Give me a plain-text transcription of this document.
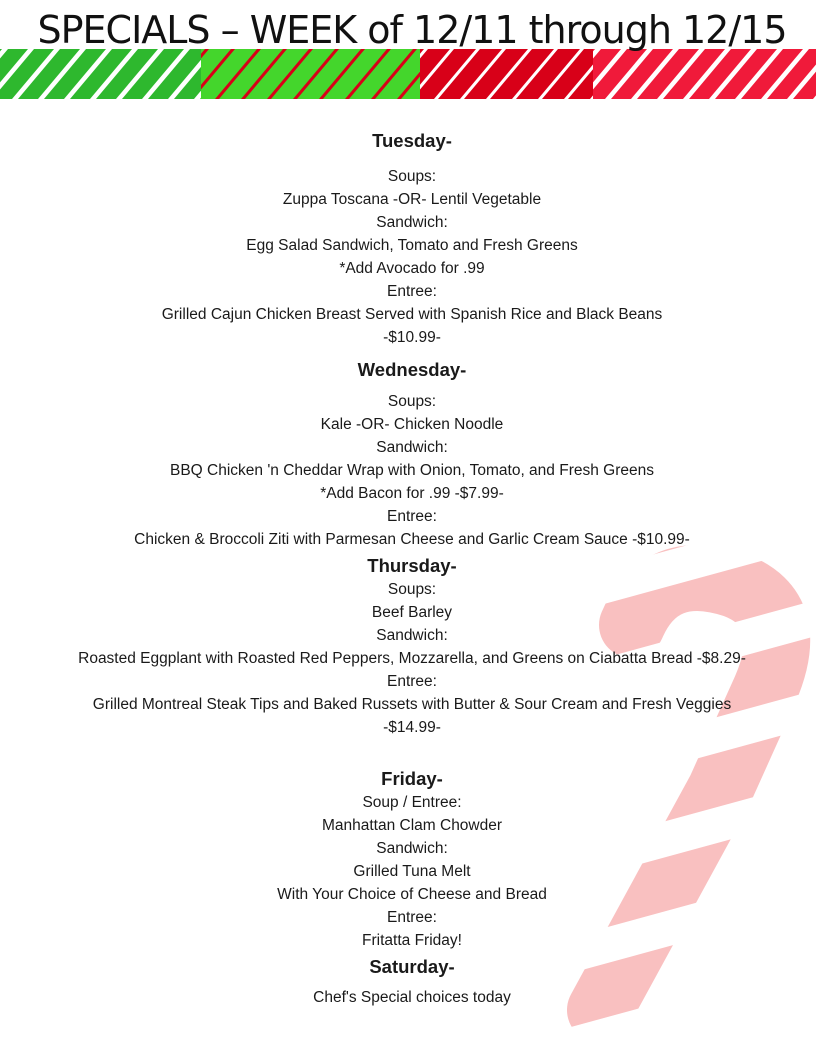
SPECIALS – WEEK of 12/11 through 12/15
Tuesday-
Soups:
Zuppa Toscana -OR- Lentil Vegetable
Sandwich:
Egg Salad Sandwich, Tomato and Fresh Greens
*Add Avocado for .99
Entree:
Grilled Cajun Chicken Breast Served with Spanish Rice and Black Beans
-$10.99-
Wednesday-
Soups:
Kale -OR- Chicken Noodle
Sandwich:
BBQ Chicken 'n Cheddar Wrap with Onion, Tomato, and Fresh Greens
*Add Bacon for .99 -$7.99-
Entree:
Chicken & Broccoli Ziti with Parmesan Cheese and Garlic Cream Sauce -$10.99-
Thursday-
Soups:
Beef Barley
Sandwich:
Roasted Eggplant with Roasted Red Peppers, Mozzarella, and Greens on Ciabatta Bread -$8.29-
Entree:
Grilled Montreal Steak Tips and Baked Russets with Butter & Sour Cream and Fresh Veggies
-$14.99-
Friday-
Soup / Entree:
Manhattan Clam Chowder
Sandwich:
Grilled Tuna Melt
With Your Choice of Cheese and Bread
Entree:
Fritatta Friday!
Saturday-
Chef's Special choices today
